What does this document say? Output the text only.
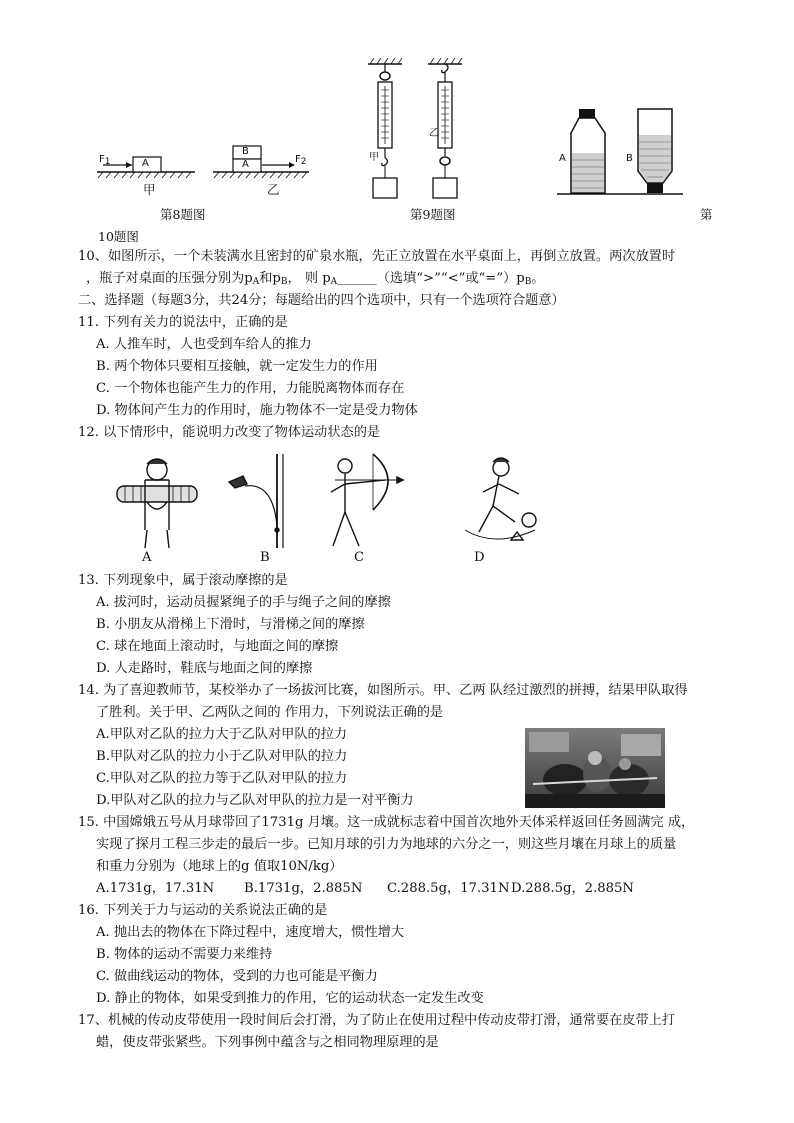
$F_1$	A
B
A	$F_2$
甲	乙
第8题图
甲
乙
第9题图
A	B
第
10题图
10、如图所示，一个未装满水且密封的矿泉水瓶，先正立放置在水平桌面上，再倒立放置。两次放置时
，瓶子对桌面的压强分别为$p_A$和$p_B$， 则 $p_A\_\_\_\_\_\_$（选填“>”“<”或“$=”)p_B$。
二、选择题（每题3分，共24分；每题给出的四个选项中，只有一个选项符合题意）
11. 下列有关力的说法中，正确的是
A. 人推车时，人也受到车给人的推力
B. 两个物体只要相互接触，就一定发生力的作用
C. 一个物体也能产生力的作用，力能脱离物体而存在
D. 物体间产生力的作用时，施力物体不一定是受力物体
12. 以下情形中，能说明力改变了物体运动状态的是
A	B	C	D
13. 下列现象中，属于滚动摩擦的是
A. 拔河时，运动员握紧绳子的手与绳子之间的摩擦
B. 小朋友从滑梯上下滑时，与滑梯之间的摩擦
C. 球在地面上滚动时，与地面之间的摩擦
D. 人走路时，鞋底与地面之间的摩擦
14. 为了喜迎教师节，某校举办了一场拔河比赛，如图所示。甲、乙两 队经过激烈的拼搏，结果甲队取得
了胜利。关于甲、乙两队之间的 作用力，下列说法正确的是
A.甲队对乙队的拉力大于乙队对甲队的拉力
B.甲队对乙队的拉力小于乙队对甲队的拉力
C.甲队对乙队的拉力等于乙队对甲队的拉力
D.甲队对乙队的拉力与乙队对甲队的拉力是一对平衡力
15. 中国嫦娥五号从月球带回了1731g 月壤。这一成就标志着中国首次地外天体采样返回任务圆满完 成，
实现了探月工程三步走的最后一步。已知月球的引力为地球的六分之一，则这些月壤在月球上的质量
和重力分别为（地球上的g 值取10N/kg）
A.1731g，17.31N B.1731g，2.885N C.288.5g，17.31N D.288.5g，2.885N
16. 下列关于力与运动的关系说法正确的是
A. 抛出去的物体在下降过程中，速度增大，惯性增大
B. 物体的运动不需要力来维持
C. 做曲线运动的物体，受到的力也可能是平衡力
D. 静止的物体，如果受到推力的作用，它的运动状态一定发生改变
17、机械的传动皮带使用一段时间后会打滑，为了防止在使用过程中传动皮带打滑，通常要在皮带上打
蜡，使皮带张紧些。下列事例中蕴含与之相同物理原理的是
